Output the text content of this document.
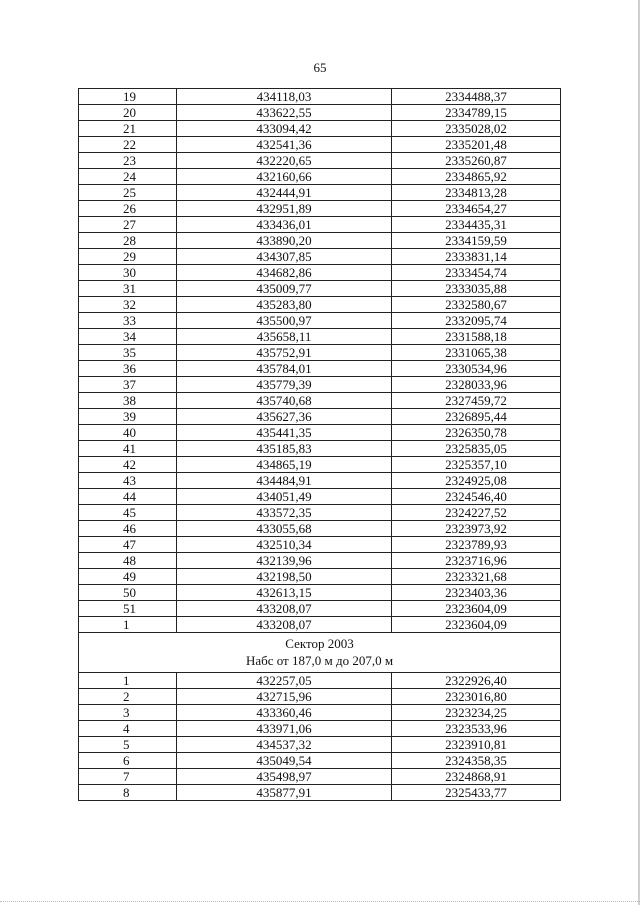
65
19	434118,03	2334488,37
20	433622,55	2334789,15
21	433094,42	2335028,02
22	432541,36	2335201,48
23	432220,65	2335260,87
24	432160,66	2334865,92
25	432444,91	2334813,28
26	432951,89	2334654,27
27	433436,01	2334435,31
28	433890,20	2334159,59
29	434307,85	2333831,14
30	434682,86	2333454,74
31	435009,77	2333035,88
32	435283,80	2332580,67
33	435500,97	2332095,74
34	435658,11	2331588,18
35	435752,91	2331065,38
36	435784,01	2330534,96
37	435779,39	2328033,96
38	435740,68	2327459,72
39	435627,36	2326895,44
40	435441,35	2326350,78
41	435185,83	2325835,05
42	434865,19	2325357,10
43	434484,91	2324925,08
44	434051,49	2324546,40
45	433572,35	2324227,52
46	433055,68	2323973,92
47	432510,34	2323789,93
48	432139,96	2323716,96
49	432198,50	2323321,68
50	432613,15	2323403,36
51	433208,07	2323604,09
1	433208,07	2323604,09

Сектор 2003
Набс от 187,0 м до 207,0 м		

1	432257,05	2322926,40
2	432715,96	2323016,80
3	433360,46	2323234,25
4	433971,06	2323533,96
5	434537,32	2323910,81
6	435049,54	2324358,35
7	435498,97	2324868,91
8	435877,91	2325433,77
